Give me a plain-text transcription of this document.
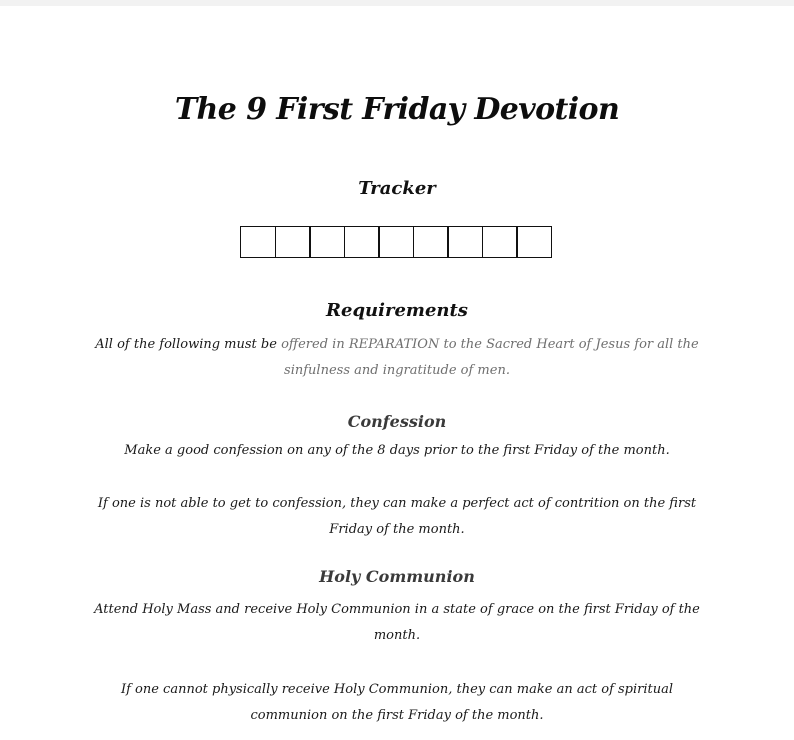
The 9 First Friday Devotion
Tracker
Requirements
All of the following must be offered in REPARATION to the Sacred Heart of Jesus for all the sinfulness and ingratitude of men.
Confession
Make a good confession on any of the 8 days prior to the first Friday of the month.
If one is not able to get to confession, they can make a perfect act of contrition on the first Friday of the month.
Holy Communion
Attend Holy Mass and receive Holy Communion in a state of grace on the first Friday of the month.
If one cannot physically receive Holy Communion, they can make an act of spiritual communion on the first Friday of the month.
